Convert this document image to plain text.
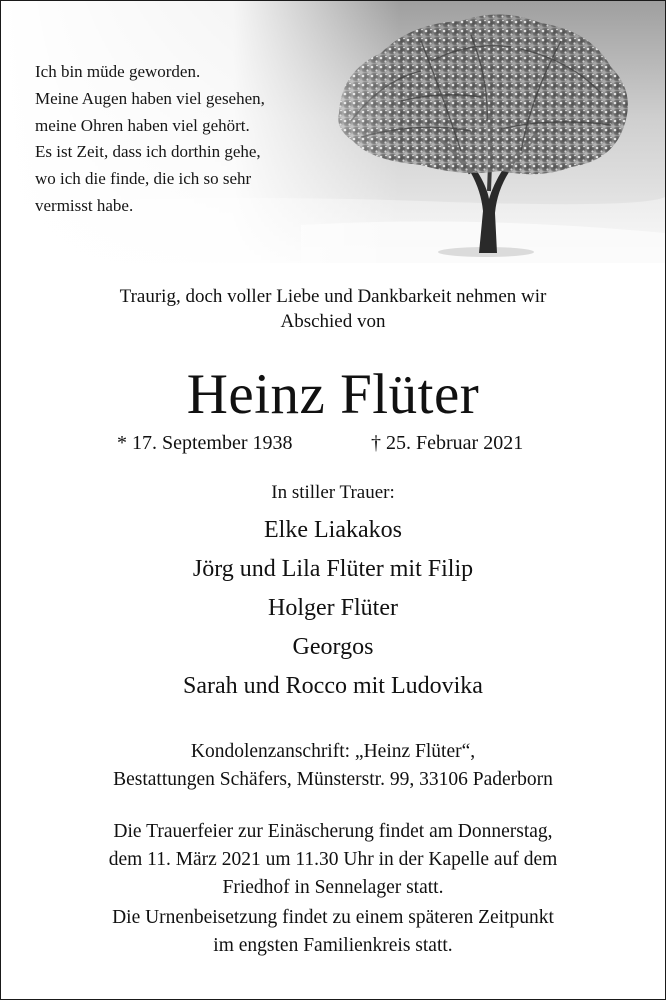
Ich bin müde geworden.
Meine Augen haben viel gesehen,
meine Ohren haben viel gehört.
Es ist Zeit, dass ich dorthin gehe,
wo ich die finde, die ich so sehr
vermisst habe.
Traurig, doch voller Liebe und Dankbarkeit nehmen wir
Abschied von
Heinz Flüter
* 17. September 1938	† 25. Februar 2021
In stiller Trauer:
Elke Liakakos
Jörg und Lila Flüter mit Filip
Holger Flüter
Georgos
Sarah und Rocco mit Ludovika
Kondolenzanschrift: „Heinz Flüter“,
Bestattungen Schäfers, Münsterstr. 99, 33106 Paderborn
Die Trauerfeier zur Einäscherung findet am Donnerstag,
dem 11. März 2021 um 11.30 Uhr in der Kapelle auf dem
Friedhof in Sennelager statt.
Die Urnenbeisetzung findet zu einem späteren Zeitpunkt
im engsten Familienkreis statt.
